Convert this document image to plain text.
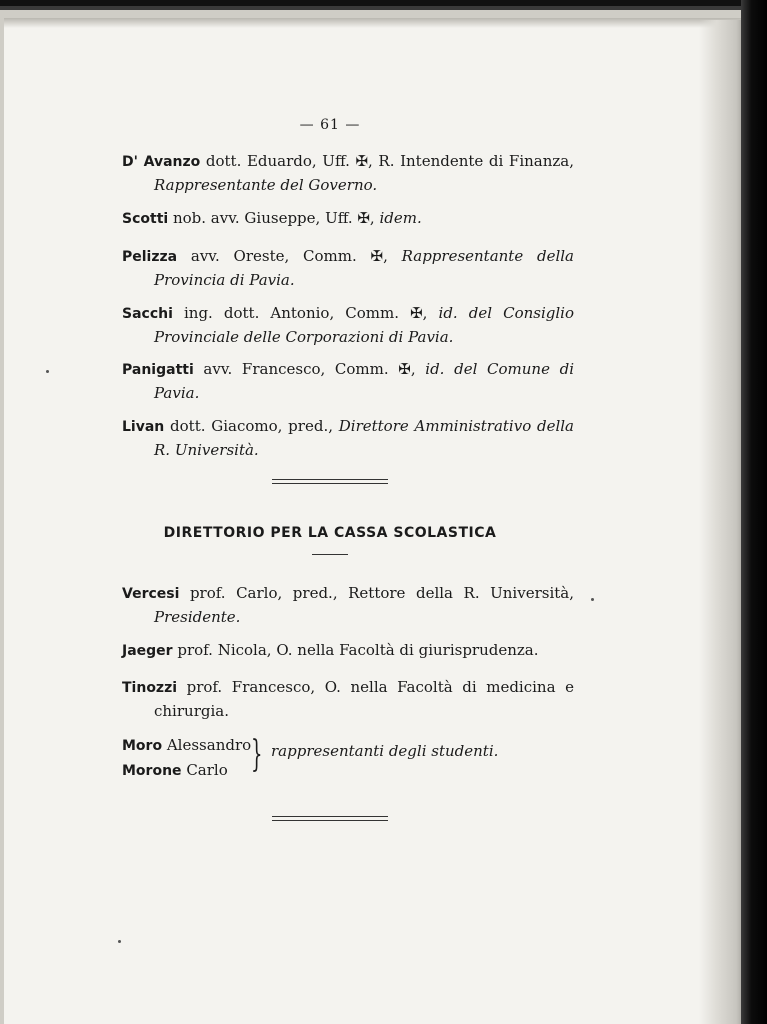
— 61 —
D' Avanzo dott. Eduardo, Uff. ✠, R. Intendente di Finanza, Rappresentante del Governo.
Scotti nob. avv. Giuseppe, Uff. ✠, idem.
Pelizza avv. Oreste, Comm. ✠, Rappresentante della Provincia di Pavia.
Sacchi ing. dott. Antonio, Comm. ✠, id. del Consiglio Provinciale delle Corporazioni di Pavia.
Panigatti avv. Francesco, Comm. ✠, id. del Comune di Pavia.
Livan dott. Giacomo, pred., Direttore Amministrativo della R. Università.
DIRETTORIO PER LA CASSA SCOLASTICA
Vercesi prof. Carlo, pred., Rettore della R. Università, Presidente.
Jaeger prof. Nicola, O. nella Facoltà di giurisprudenza.
Tinozzi prof. Francesco, O. nella Facoltà di medicina e chirurgia.
Moro Alessandro
Morone Carlo } rappresentanti degli studenti.
